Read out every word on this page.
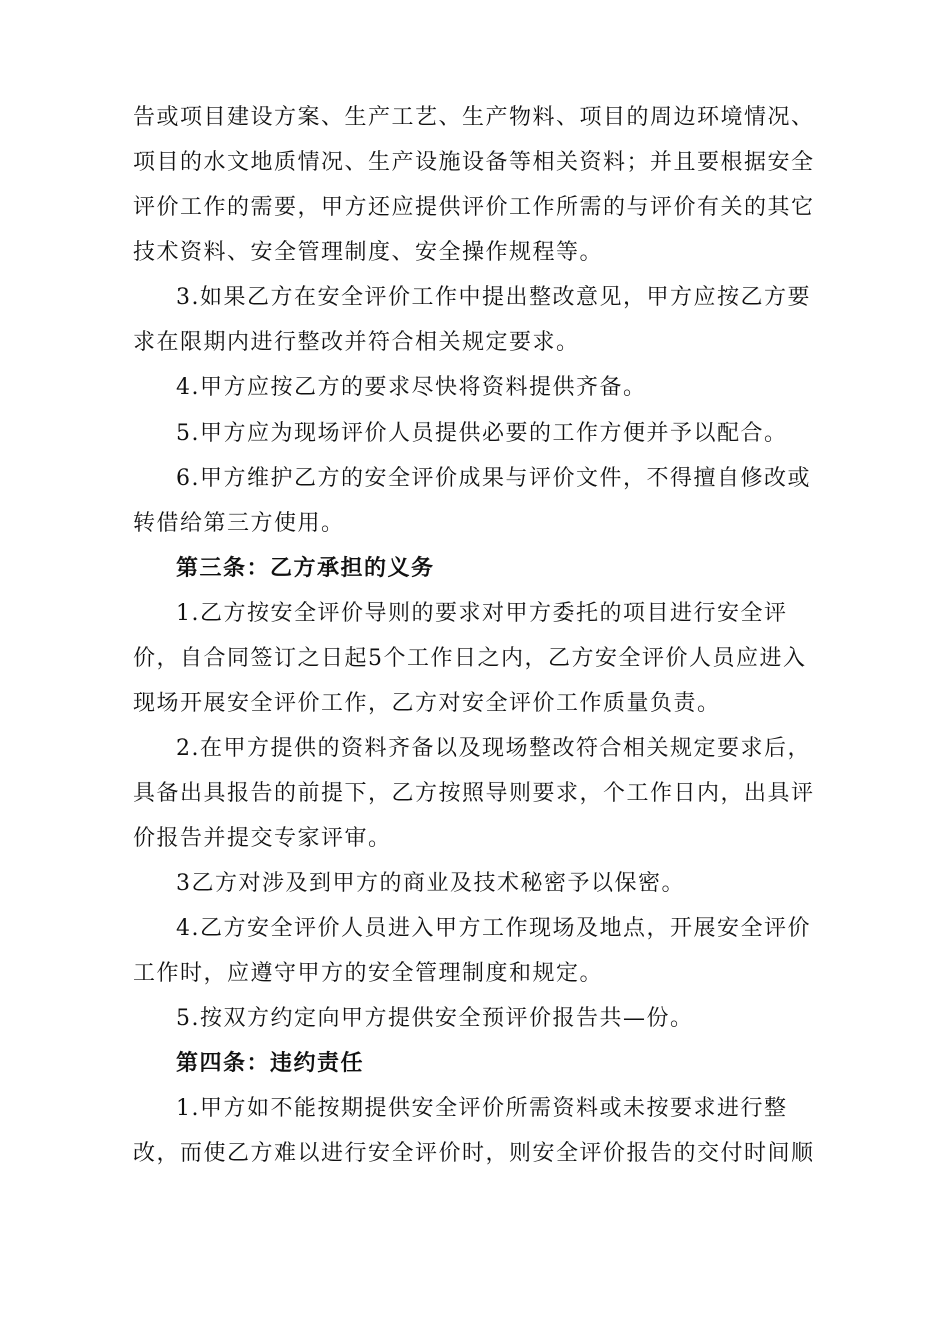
告或项目建设方案、生产工艺、生产物料、项目的周边环境情况、
项目的水文地质情况、生产设施设备等相关资料；并且要根据安全
评价工作的需要，甲方还应提供评价工作所需的与评价有关的其它
技术资料、安全管理制度、安全操作规程等。
3.如果乙方在安全评价工作中提出整改意见，甲方应按乙方要
求在限期内进行整改并符合相关规定要求。
4.甲方应按乙方的要求尽快将资料提供齐备。
5.甲方应为现场评价人员提供必要的工作方便并予以配合。
6.甲方维护乙方的安全评价成果与评价文件，不得擅自修改或
转借给第三方使用。
第三条：乙方承担的义务
1.乙方按安全评价导则的要求对甲方委托的项目进行安全评
价，自合同签订之日起5个工作日之内，乙方安全评价人员应进入
现场开展安全评价工作，乙方对安全评价工作质量负责。
2.在甲方提供的资料齐备以及现场整改符合相关规定要求后，
具备出具报告的前提下，乙方按照导则要求，个工作日内，出具评
价报告并提交专家评审。
3乙方对涉及到甲方的商业及技术秘密予以保密。
4.乙方安全评价人员进入甲方工作现场及地点，开展安全评价
工作时，应遵守甲方的安全管理制度和规定。
5.按双方约定向甲方提供安全预评价报告共—份。
第四条：违约责任
1.甲方如不能按期提供安全评价所需资料或未按要求进行整
改，而使乙方难以进行安全评价时，则安全评价报告的交付时间顺
